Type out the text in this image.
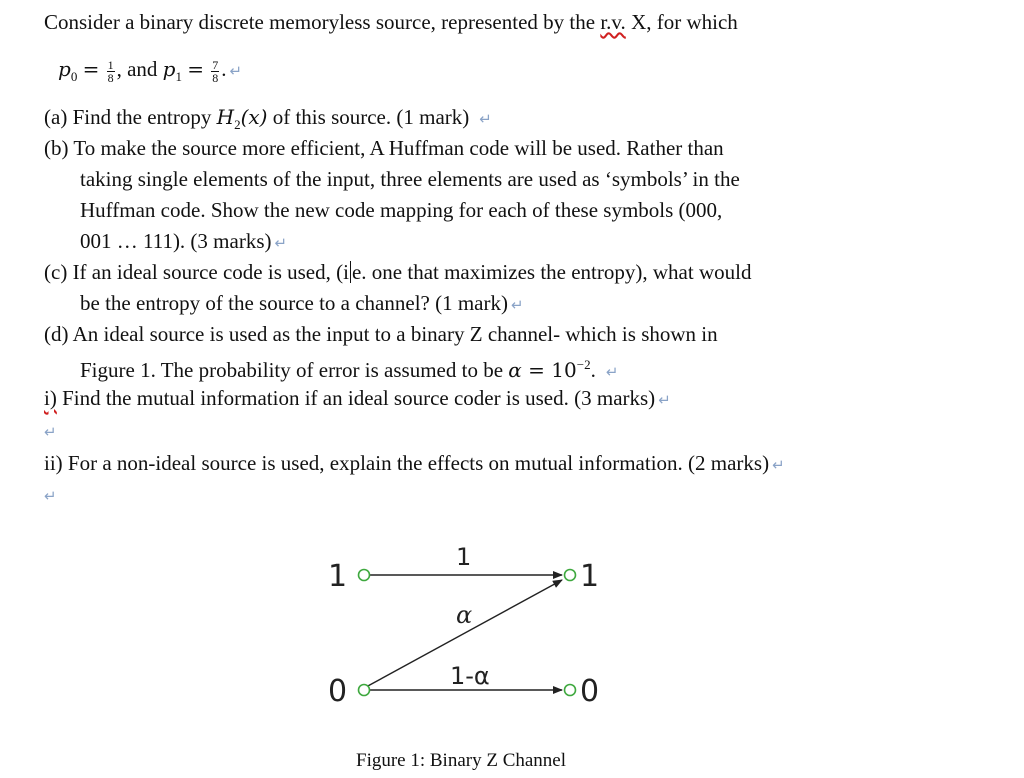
Consider a binary discrete memoryless source, represented by the r.v. X, for which
$p_0 = \frac{1}{8}$ , and $p_1 = \frac{7}{8}$ . ↵
(a) Find the entropy $H_2(x)$ of this source. (1 mark) ↵
(b) To make the source more efficient, A Huffman code will be used. Rather than
taking single elements of the input, three elements are used as ‘symbols’ in the
Huffman code. Show the new code mapping for each of these symbols (000,
001 … 111). (3 marks) ↵
(c) If an ideal source code is used, (i e. one that maximizes the entropy), what would
be the entropy of the source to a channel? (1 mark) ↵
(d) An ideal source is used as the input to a binary Z channel- which is shown in
Figure 1. The probability of error is assumed to be $\alpha = 10^{-2}$. ↵
i) Find the mutual information if an ideal source coder is used. (3 marks) ↵
↵
ii) For a non-ideal source is used, explain the effects on mutual information. (2 marks) ↵
↵
1
0
1
0
1
α
1-α
Figure 1: Binary Z Channel
